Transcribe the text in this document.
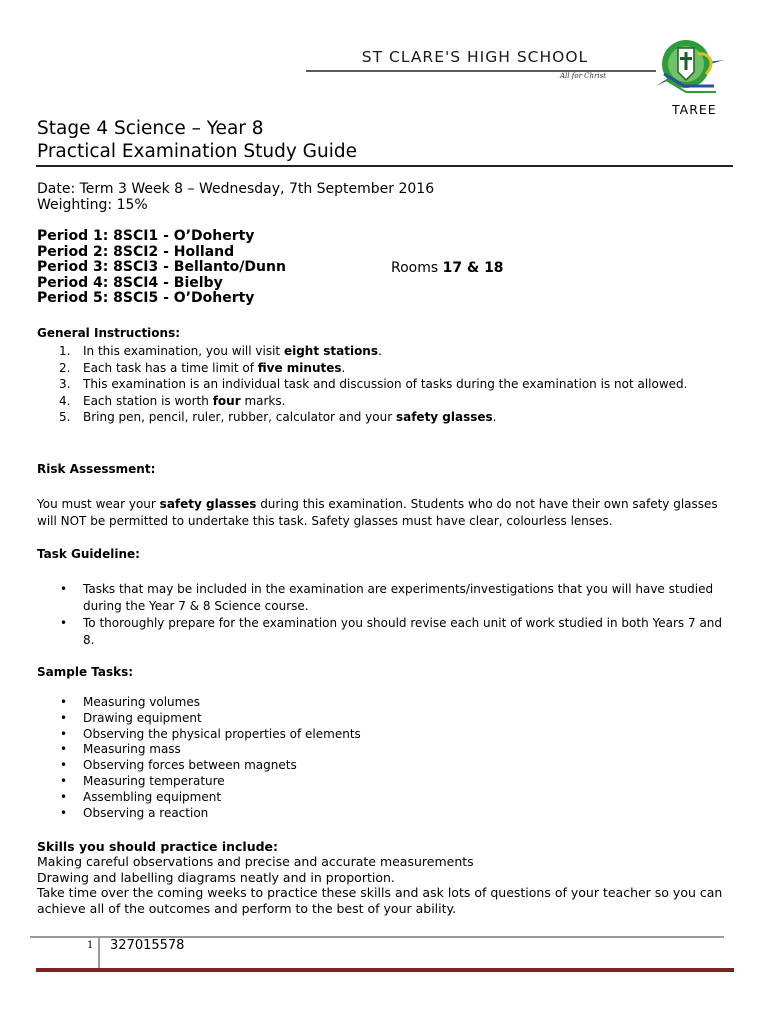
ST CLARE'S HIGH SCHOOL
All for Christ
TAREE
Stage 4 Science – Year 8
Practical Examination Study Guide
Date: Term 3 Week 8 – Wednesday, 7th September 2016
Weighting: 15%
Period 1: 8SCI1 - O’Doherty
Period 2: 8SCI2 - Holland
Period 3: 8SCI3 - Bellanto/Dunn
Period 4: 8SCI4 - Bielby
Period 5: 8SCI5 - O’Doherty
Rooms 17 & 18
General Instructions:
1. In this examination, you will visit eight stations.
2. Each task has a time limit of five minutes.
3. This examination is an individual task and discussion of tasks during the examination is not allowed.
4. Each station is worth four marks.
5. Bring pen, pencil, ruler, rubber, calculator and your safety glasses.
Risk Assessment:
You must wear your safety glasses during this examination. Students who do not have their own safety glasses will NOT be permitted to undertake this task. Safety glasses must have clear, colourless lenses.
Task Guideline:
• Tasks that may be included in the examination are experiments/investigations that you will have studied during the Year 7 & 8 Science course.
• To thoroughly prepare for the examination you should revise each unit of work studied in both Years 7 and 8.
Sample Tasks:
• Measuring volumes
• Drawing equipment
• Observing the physical properties of elements
• Measuring mass
• Observing forces between magnets
• Measuring temperature
• Assembling equipment
• Observing a reaction
Skills you should practice include:
Making careful observations and precise and accurate measurements
Drawing and labelling diagrams neatly and in proportion.
Take time over the coming weeks to practice these skills and ask lots of questions of your teacher so you can achieve all of the outcomes and perform to the best of your ability.
1 327015578
